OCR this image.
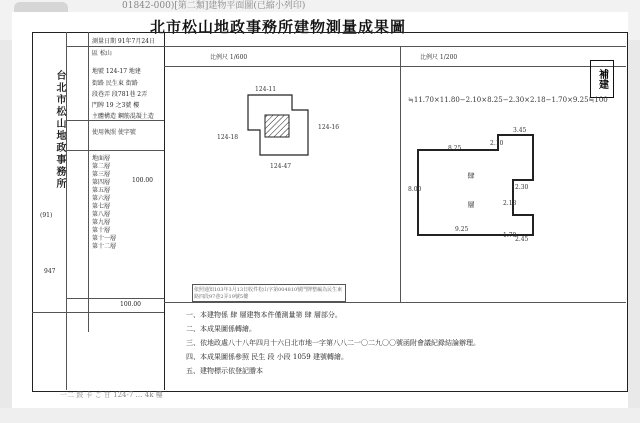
01842-000)[第二類]建物平面圖(已縮小列印)
北市松山地政事務所建物測量成果圖
台北市松山地政事務所
測量日期 91年7月24日
區 松山
地號 124-17 地建
街路 民生東 街路
段巷弄 段781巷 2弄
門牌 19 之3號 樓
主體構造 鋼筋混凝土造
使用執照 使字號
地面層
第二層
第三層
第四層	100.00
第五層
第六層
第七層
第八層
第九層
第十層
第十一層
第十二層
(91)
947
100.00
比例尺 1/600	比例尺 1/200
補建
124-11
124-16
124-18
124-47
≒11.70×11.80−2.10×8.25−2.30×2.18−1.70×9.25≒100
3.45
8.25
2.10
8.00	2.30
2.18
9.25
1.70
2.45
肆層
依照通知103年3月13日收件松山字第004810號門牌整編為民生東路四段97巷2弄19號5樓
一、本建物係 肆 層建物本件僅測量第 肆 層部分。
二、本成果圖係轉繪。
三、依地政處八十八年四月十六日北市地一字第八八二一〇二九〇〇號函附會議紀錄結論辦理。
四、本成果圖係參照 民生 段 小段 1059 建號轉繪。
五、建物標示依登記謄本
一二 鼓 卡 ご 甘 124-7 … 4k 樓
